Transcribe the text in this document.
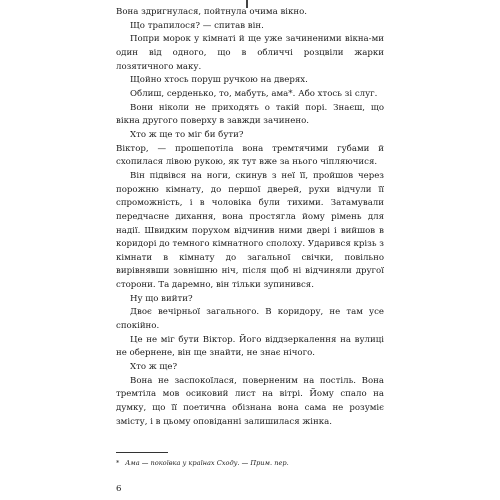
Вона здригнулася, пойтнула очима вікно.

Що трапилося? — спитав він.

Попри морок у кімнаті й ще уже зачиненими вікна-ми один від одного, що в обличчі розцвіли жарки лозятичного маку.

Щойно хтось поруш ручкою на дверях.

Облиш, серденько, то, мабуть, ама*. Або хтось зі слуг.

Вони ніколи не приходять о такій порі. Знаєш, що вікна другого поверху в завжди зачинено.

Хто ж ще то міг би бути?

Віктор, — прошепотіла вона тремтячими губами й схопилася лівою рукою, як тут вже за нього чіпляючися.

Він підвівся на ноги, скинув з неї її, пройшов через порожню кімнату, до першої дверей, рухи відчули її спроможність, і в чоловіка були тихими. Затамували передчасне дихання, вона простягла йому рімень для надії. Швидким порухом відчинив ними двері і вийшов в коридорі до темного кімнатного сполоху. Ударився крізь з кімнати в кімнату до загальної свічки, повільно вирівнявши зовнішню ніч, після щоб ні відчиняли другої сторони. Та даремно, він тільки зупинився.

Ну що вийти?

Двоє вечірньої загального. В коридору, не там усе спокійно.

Це не міг бути Віктор. Його віддзеркалення на вулиці не обернене, він ще знайти, не знає нічого.

Хто ж ще?

Вона не заспокоїлася, поверненим на постіль. Вона тремтіла мов осиковий лист на вітрі. Йому спало на думку, що її поетична обізнана вона сама не розуміє змісту, і в цьому оповіданні залишилася жінка.

* Ама — покоївка у країнах Сходу. — Прим. пер.
6
